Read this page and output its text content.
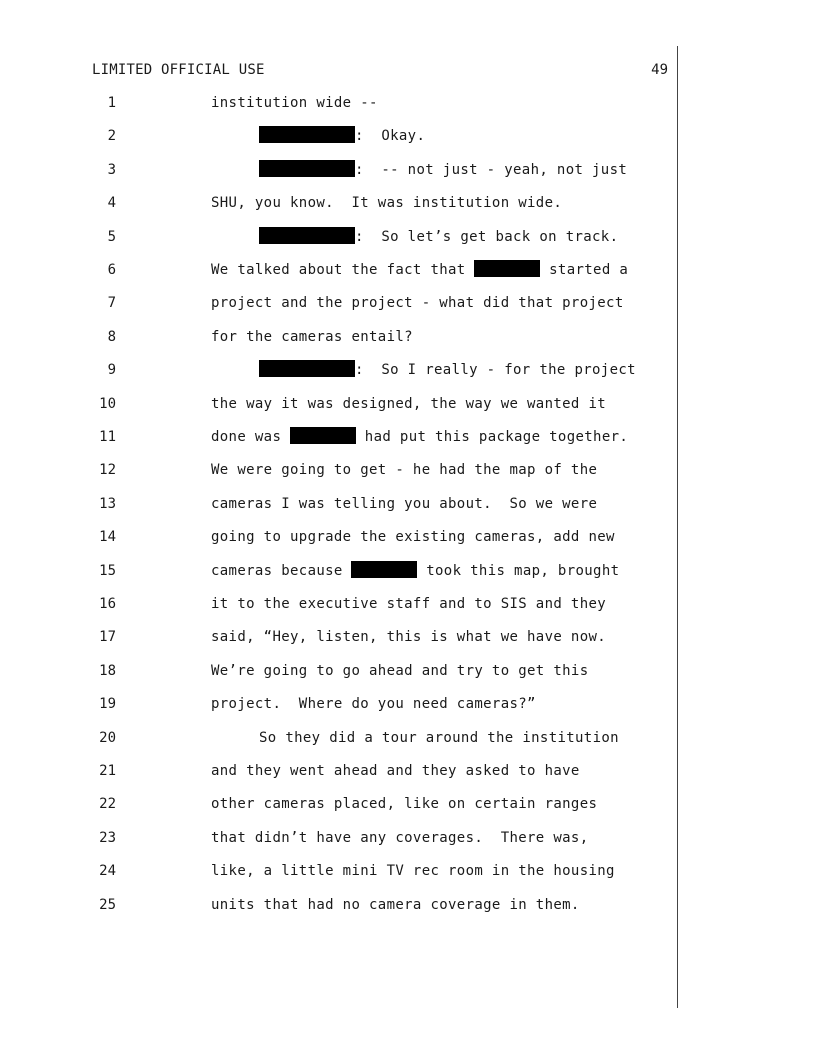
LIMITED OFFICIAL USE	49
1	institution wide --
2	:  Okay.
3	:  -- not just - yeah, not just
4	SHU, you know.  It was institution wide.
5	:  So let’s get back on track.
6	We talked about the fact that	started a
7	project and the project - what did that project
8	for the cameras entail?
9	:  So I really - for the project
10	the way it was designed, the way we wanted it
11	done was	had put this package together.
12	We were going to get - he had the map of the
13	cameras I was telling you about.  So we were
14	going to upgrade the existing cameras, add new
15	cameras because	took this map, brought
16	it to the executive staff and to SIS and they
17	said, “Hey, listen, this is what we have now.
18	We’re going to go ahead and try to get this
19	project.  Where do you need cameras?”
20	So they did a tour around the institution
21	and they went ahead and they asked to have
22	other cameras placed, like on certain ranges
23	that didn’t have any coverages.  There was,
24	like, a little mini TV rec room in the housing
25	units that had no camera coverage in them.
